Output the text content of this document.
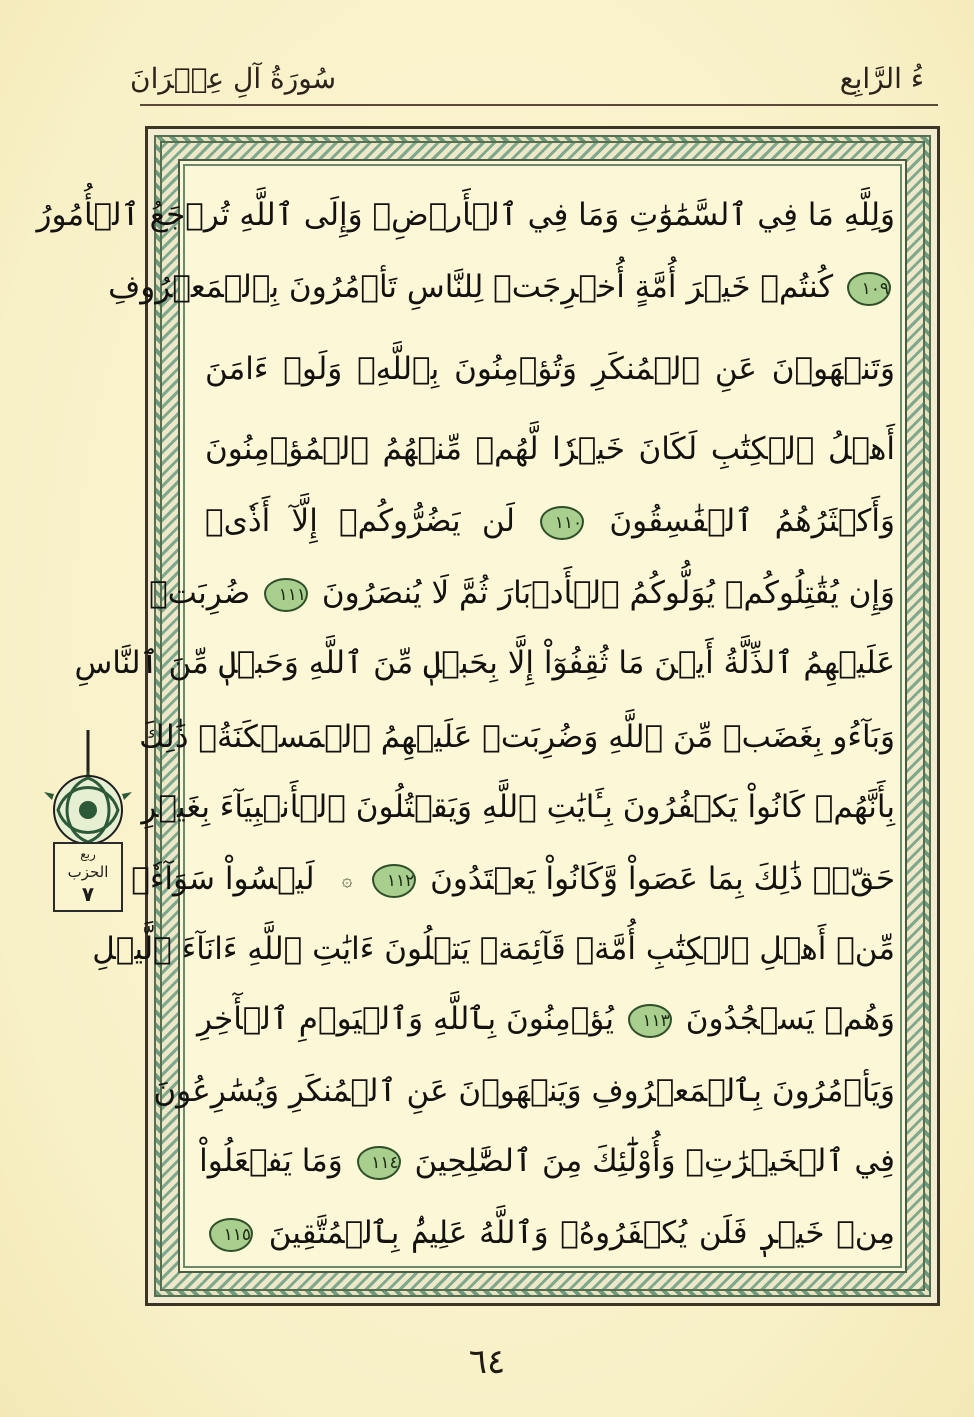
سُورَةُ آلِ عِمۡرَانَ	ءُ الرَّابِع
وَلِلَّهِ مَا فِي ٱلسَّمَٰوَٰتِ وَمَا فِي ٱلۡأَرۡضِۚ وَإِلَى ٱللَّهِ تُرۡجَعُ ٱلۡأُمُورُ
١٠٩ كُنتُمۡ خَيۡرَ أُمَّةٍ أُخۡرِجَتۡ لِلنَّاسِ تَأۡمُرُونَ بِٱلۡمَعۡرُوفِ
وَتَنۡهَوۡنَ عَنِ ٱلۡمُنكَرِ وَتُؤۡمِنُونَ بِٱللَّهِۗ وَلَوۡ ءَامَنَ
أَهۡلُ ٱلۡكِتَٰبِ لَكَانَ خَيۡرٗا لَّهُمۚ مِّنۡهُمُ ٱلۡمُؤۡمِنُونَ
وَأَكۡثَرُهُمُ ٱلۡفَٰسِقُونَ ١١٠ لَن يَضُرُّوكُمۡ إِلَّآ أَذٗىۖ
وَإِن يُقَٰتِلُوكُمۡ يُوَلُّوكُمُ ٱلۡأَدۡبَارَ ثُمَّ لَا يُنصَرُونَ ١١١ ضُرِبَتۡ
عَلَيۡهِمُ ٱلذِّلَّةُ أَيۡنَ مَا ثُقِفُوٓاْ إِلَّا بِحَبۡلٖ مِّنَ ٱللَّهِ وَحَبۡلٖ مِّنَ ٱلنَّاسِ
وَبَآءُو بِغَضَبٖ مِّنَ ٱللَّهِ وَضُرِبَتۡ عَلَيۡهِمُ ٱلۡمَسۡكَنَةُۚ ذَٰلِكَ
بِأَنَّهُمۡ كَانُواْ يَكۡفُرُونَ بِـَٔايَٰتِ ٱللَّهِ وَيَقۡتُلُونَ ٱلۡأَنۢبِيَآءَ بِغَيۡرِ
حَقّٖۚ ذَٰلِكَ بِمَا عَصَواْ وَّكَانُواْ يَعۡتَدُونَ ١١٢ ۞ لَيۡسُواْ سَوَآءٗۗ
مِّنۡ أَهۡلِ ٱلۡكِتَٰبِ أُمَّةٞ قَآئِمَةٞ يَتۡلُونَ ءَايَٰتِ ٱللَّهِ ءَانَآءَ ٱلَّيۡلِ
وَهُمۡ يَسۡجُدُونَ ١١٣ يُؤۡمِنُونَ بِٱللَّهِ وَٱلۡيَوۡمِ ٱلۡأٓخِرِ
وَيَأۡمُرُونَ بِٱلۡمَعۡرُوفِ وَيَنۡهَوۡنَ عَنِ ٱلۡمُنكَرِ وَيُسَٰرِعُونَ
فِي ٱلۡخَيۡرَٰتِۖ وَأُوْلَٰٓئِكَ مِنَ ٱلصَّٰلِحِينَ ١١٤ وَمَا يَفۡعَلُواْ
مِنۡ خَيۡرٖ فَلَن يُكۡفَرُوهُۗ وَٱللَّهُ عَلِيمُۢ بِٱلۡمُتَّقِينَ ١١٥
ربع
الحزب
٧
٦٤
